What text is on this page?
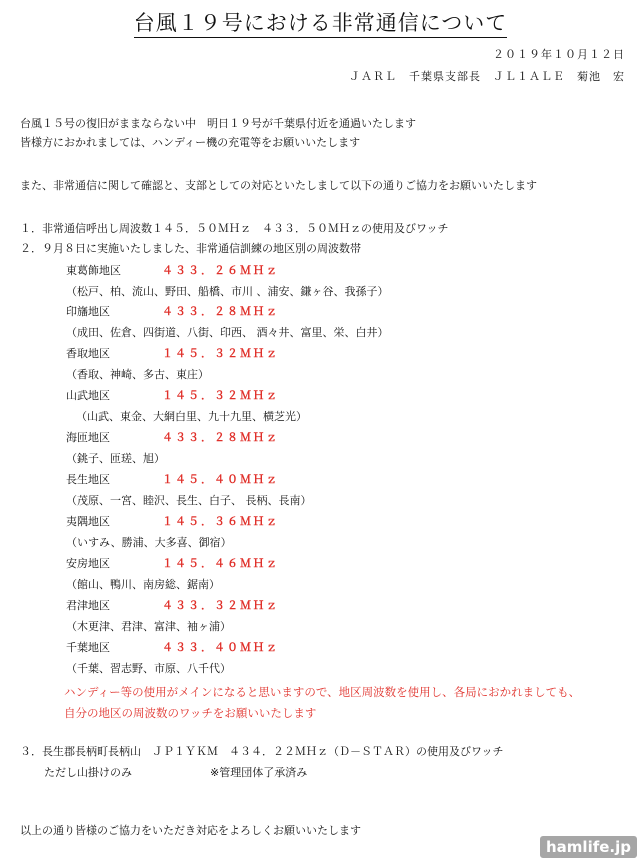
台風１９号における非常通信について
２０１９年１０月１２日
ＪＡＲＬ　千葉県支部長　ＪＬ１ＡＬＥ　菊池　宏
台風１５号の復旧がままならない中　明日１９号が千葉県付近を通過いたします
皆様方におかれましては、ハンディー機の充電等をお願いいたします
また、非常通信に関して確認と、支部としての対応といたしまして以下の通りご協力をお願いいたします
１．非常通信呼出し周波数１４５．５０ＭＨｚ　４３３．５０ＭＨｚの使用及びワッチ
２．９月８日に実施いたしました、非常通信訓練の地区別の周波数帯
東葛飾地区	４３３．２６ＭＨｚ
（松戸、柏、流山、野田、船橋、市川 、浦安、鎌ヶ谷、我孫子）
印旛地区	４３３．２８ＭＨｚ
（成田、佐倉、四街道、八街、印西、 酒々井、富里、栄、白井）
香取地区	１４５．３２ＭＨｚ
（香取、神崎、多古、東庄）
山武地区	１４５．３２ＭＨｚ
（山武、東金、大網白里、九十九里、横芝光）
海匝地区	４３３．２８ＭＨｚ
（銚子、匝瑳、旭）
長生地区	１４５．４０ＭＨｚ
（茂原、一宮、睦沢、長生、白子、 長柄、長南）
夷隅地区	１４５．３６ＭＨｚ
（いすみ、勝浦、大多喜、御宿）
安房地区	１４５．４６ＭＨｚ
（館山、鴨川、南房総、鋸南）
君津地区	４３３．３２ＭＨｚ
（木更津、君津、富津、袖ヶ浦）
千葉地区	４３３．４０ＭＨｚ
（千葉、習志野、市原、八千代）
ハンディー等の使用がメインになると思いますので、地区周波数を使用し、各局におかれましても、
自分の地区の周波数のワッチをお願いいたします
３．長生郡長柄町長柄山　ＪＰ１ＹＫＭ　４３４．２２ＭＨｚ（Ｄ－ＳＴＡＲ）の使用及びワッチ
ただし山掛けのみ	※管理団体了承済み
以上の通り皆様のご協力をいただき対応をよろしくお願いいたします
hamlife.jp
